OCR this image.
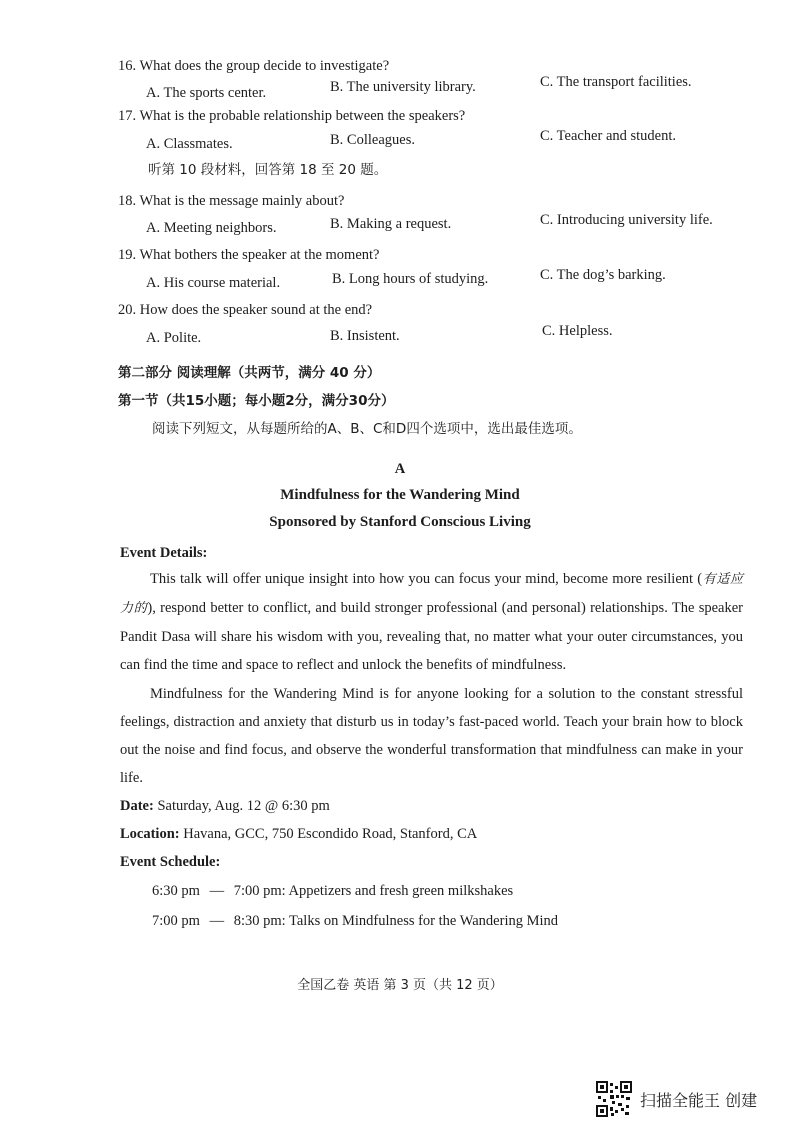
16. What does the group decide to investigate?
A. The sports center.	B. The university library.	C. The transport facilities.
17. What is the probable relationship between the speakers?
A. Classmates.	B. Colleagues.	C. Teacher and student.
听第 10 段材料，回答第 18 至 20 题。
18. What is the message mainly about?
A. Meeting neighbors.	B. Making a request.	C. Introducing university life.
19. What bothers the speaker at the moment?
A. His course material.	B. Long hours of studying.	C. The dog’s barking.
20. How does the speaker sound at the end?
A. Polite.	B. Insistent.	C. Helpless.
第二部分 阅读理解（共两节，满分 40 分）
第一节（共15小题；每小题2分，满分30分）
阅读下列短文，从每题所给的A、B、C和D四个选项中，选出最佳选项。
A
Mindfulness for the Wandering Mind
Sponsored by Stanford Conscious Living
Event Details:

This talk will offer unique insight into how you can focus your mind, become more resilient (有适应力的), respond better to conflict, and build stronger professional (and personal) relationships. The speaker Pandit Dasa will share his wisdom with you, revealing that, no matter what your outer circumstances, you can find the time and space to reflect and unlock the benefits of mindfulness.

Mindfulness for the Wandering Mind is for anyone looking for a solution to the constant stressful feelings, distraction and anxiety that disturb us in today’s fast-paced world. Teach your brain how to block out the noise and find focus, and observe the wonderful transformation that mindfulness can make in your life.

Date: Saturday, Aug. 12 @ 6:30 pm
Location: Havana, GCC, 750 Escondido Road, Stanford, CA
Event Schedule:
6:30 pm — 7:00 pm: Appetizers and fresh green milkshakes
7:00 pm — 8:30 pm: Talks on Mindfulness for the Wandering Mind
全国乙卷 英语 第 3 页（共 12 页）
扫描全能王 创建
